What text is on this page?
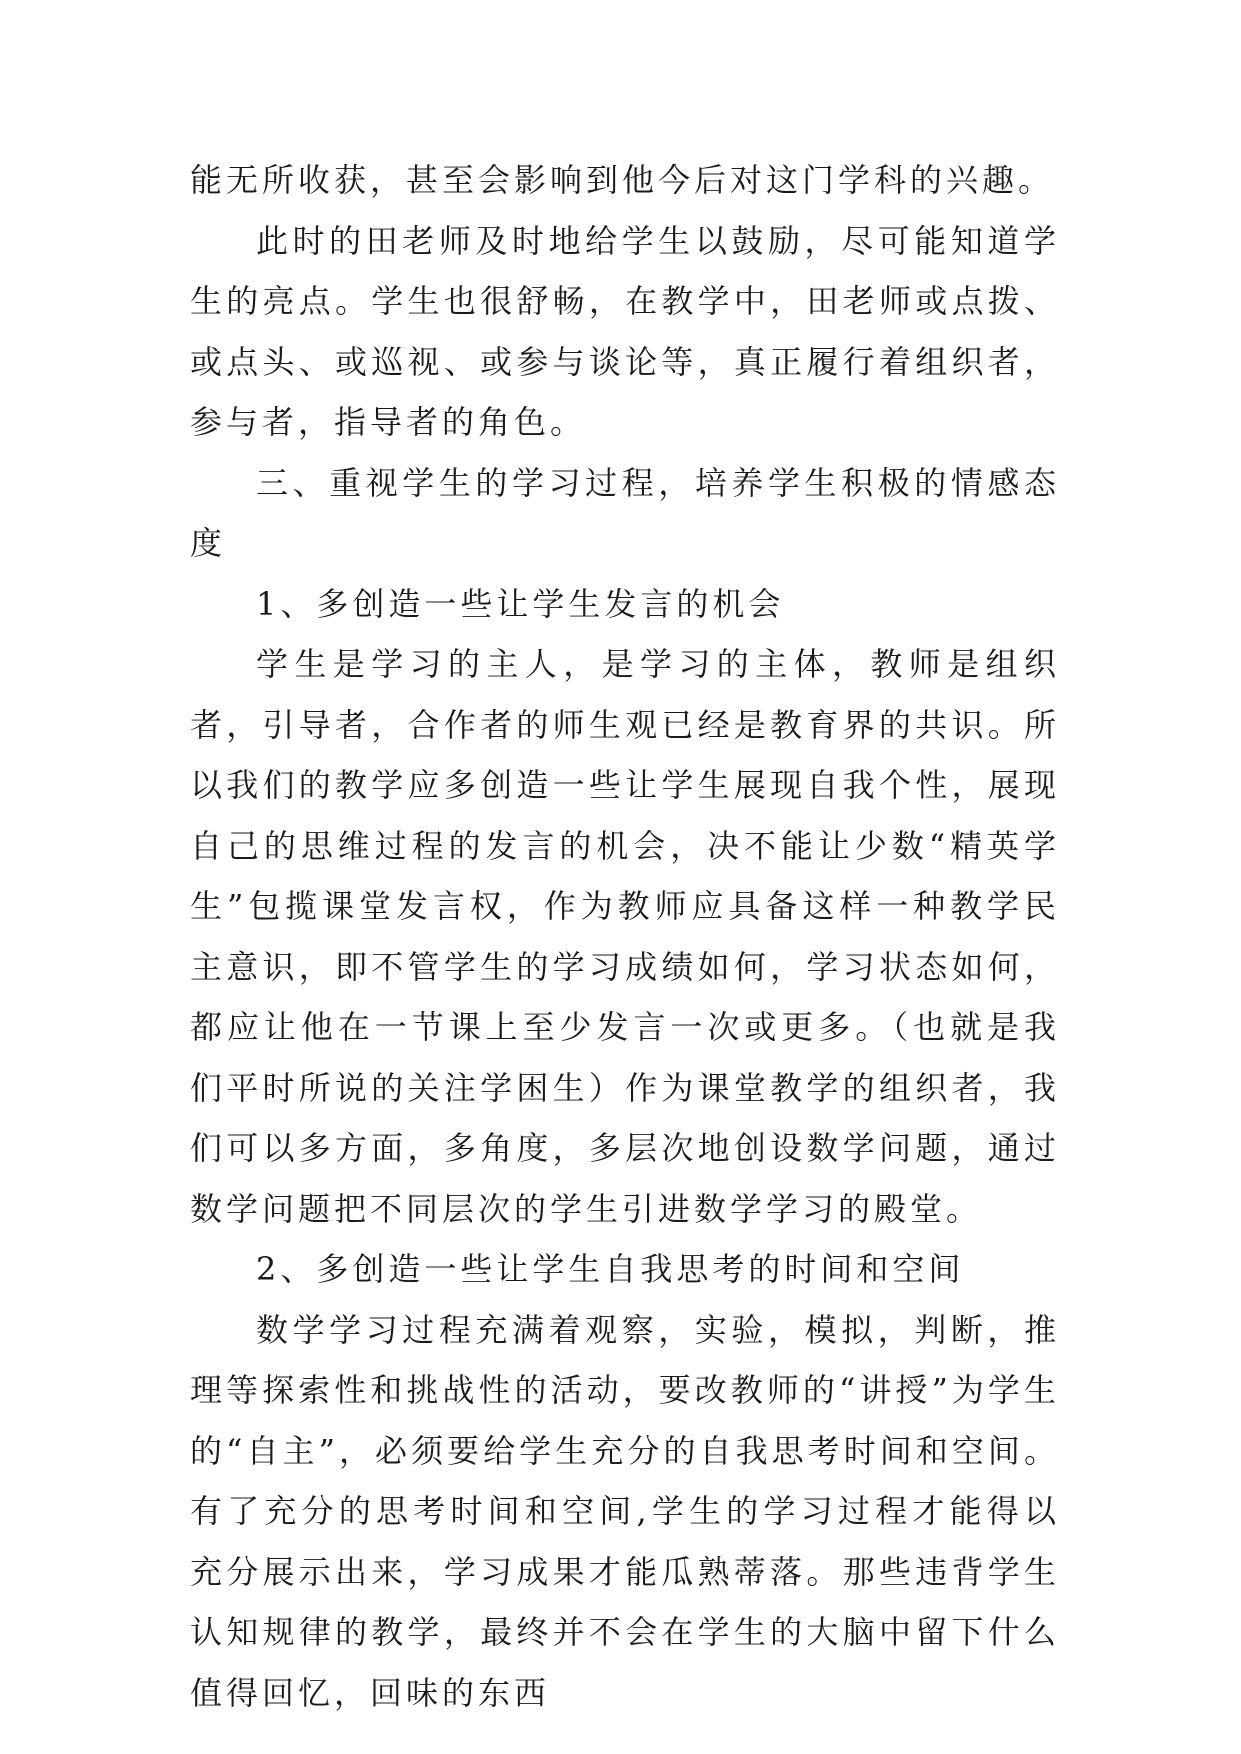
能无所收获，甚至会影响到他今后对这门学科的兴趣。

此时的田老师及时地给学生以鼓励，尽可能知道学生的亮点。学生也很舒畅，在教学中，田老师或点拨、或点头、或巡视、或参与谈论等，真正履行着组织者，参与者，指导者的角色。

三、重视学生的学习过程，培养学生积极的情感态度

1、多创造一些让学生发言的机会

学生是学习的主人，是学习的主体，教师是组织者，引导者，合作者的师生观已经是教育界的共识。所以我们的教学应多创造一些让学生展现自我个性，展现自己的思维过程的发言的机会，决不能让少数“精英学生”包揽课堂发言权，作为教师应具备这样一种教学民主意识，即不管学生的学习成绩如何，学习状态如何，都应让他在一节课上至少发言一次或更多。（也就是我们平时所说的关注学困生）作为课堂教学的组织者，我们可以多方面，多角度，多层次地创设数学问题，通过数学问题把不同层次的学生引进数学学习的殿堂。

2、多创造一些让学生自我思考的时间和空间

数学学习过程充满着观察，实验，模拟，判断，推理等探索性和挑战性的活动，要改教师的“讲授”为学生的“自主”，必须要给学生充分的自我思考时间和空间。有了充分的思考时间和空间,学生的学习过程才能得以充分展示出来，学习成果才能瓜熟蒂落。那些违背学生认知规律的教学，最终并不会在学生的大脑中留下什么值得回忆，回味的东西
